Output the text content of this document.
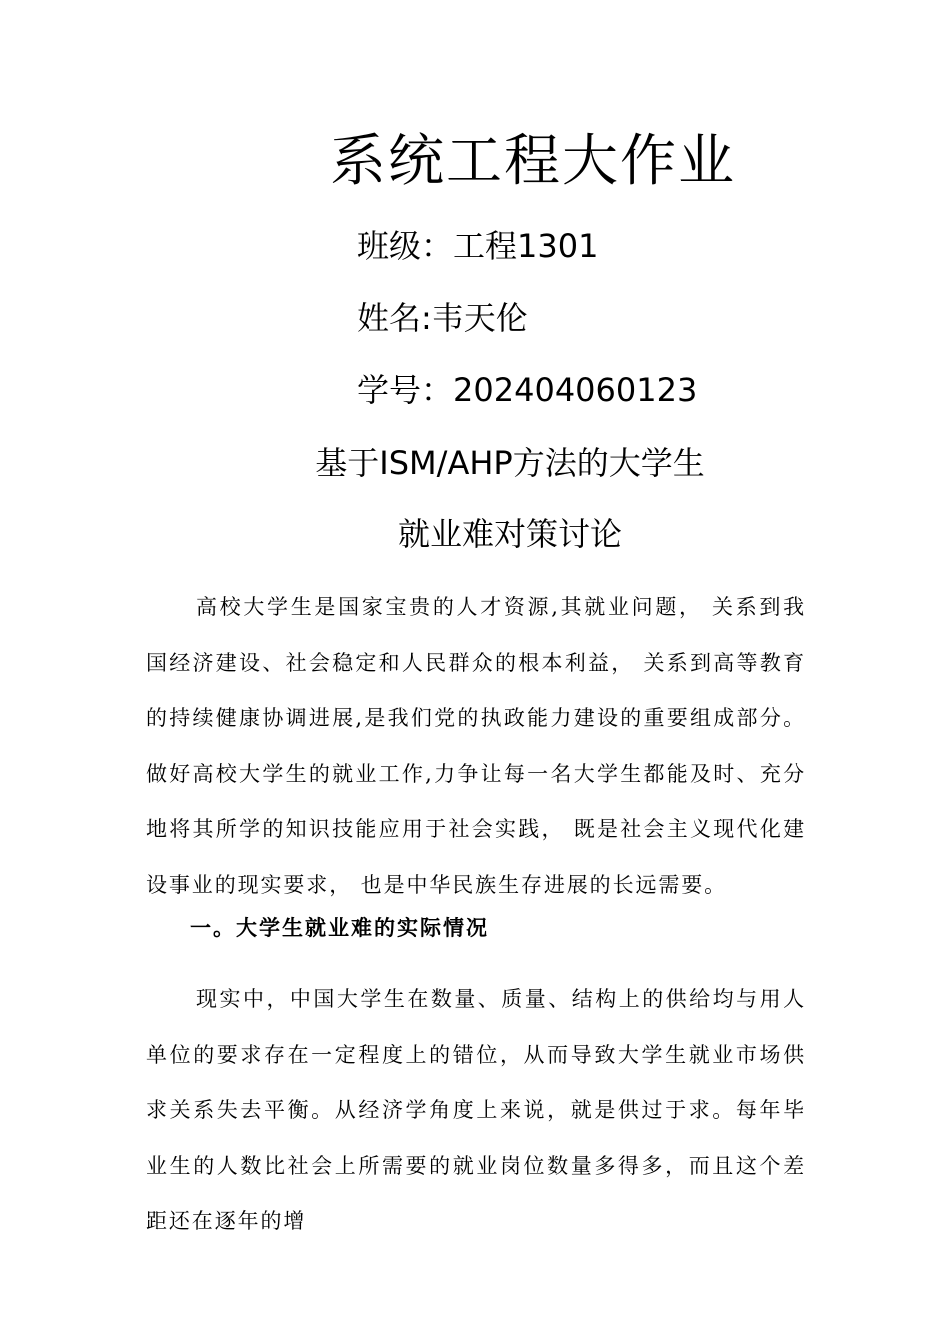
系统工程大作业
班级：工程1301
姓名:韦天伦
学号：202404060123
基于ISM/AHP方法的大学生
就业难对策讨论

高校大学生是国家宝贵的人才资源,其就业问题， 关系到我国经济建设、社会稳定和人民群众的根本利益， 关系到高等教育的持续健康协调进展,是我们党的执政能力建设的重要组成部分。做好高校大学生的就业工作,力争让每一名大学生都能及时、充分地将其所学的知识技能应用于社会实践， 既是社会主义现代化建设事业的现实要求， 也是中华民族生存进展的长远需要。

一。大学生就业难的实际情况

现实中，中国大学生在数量、质量、结构上的供给均与用人单位的要求存在一定程度上的错位，从而导致大学生就业市场供求关系失去平衡。从经济学角度上来说，就是供过于求。每年毕业生的人数比社会上所需要的就业岗位数量多得多，而且这个差距还在逐年的增
